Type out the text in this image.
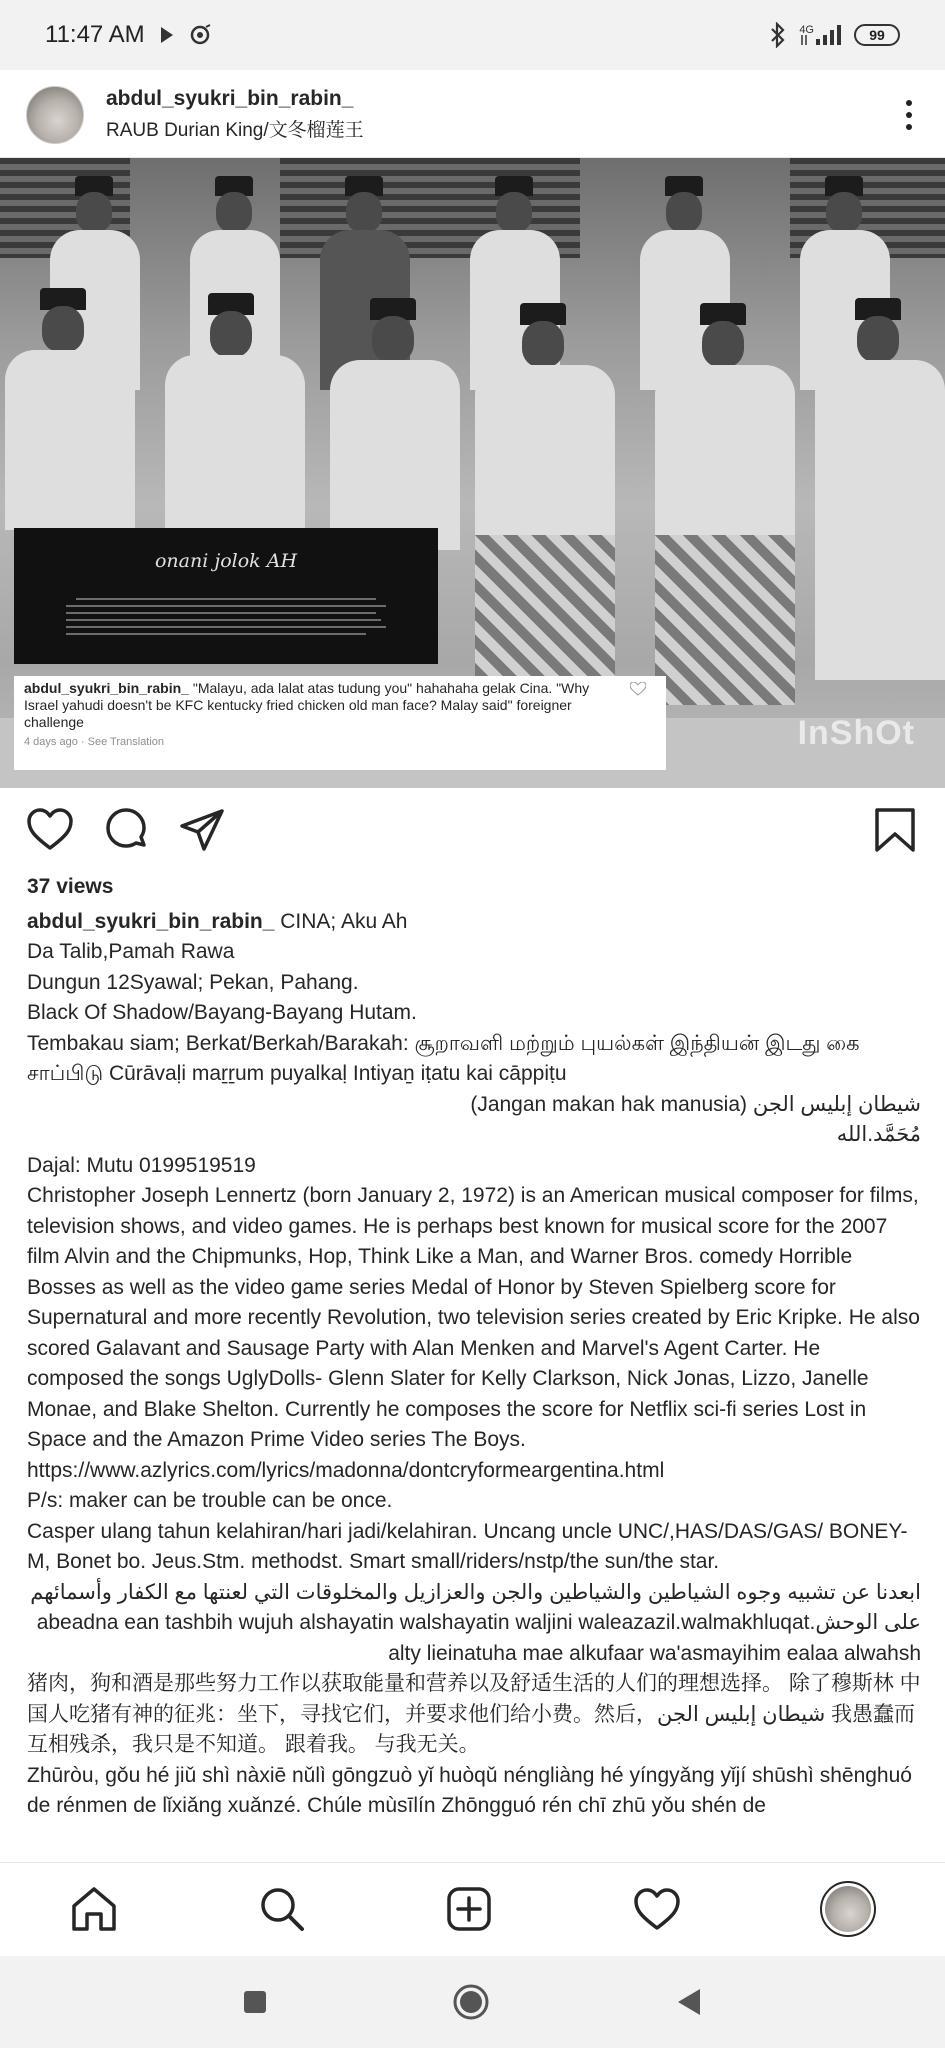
11:47 AM	4G	99
abdul_syukri_bin_rabin_
RAUB Durian King/文冬榴莲王
onani jolok AH
abdul_syukri_bin_rabin_ "Malayu, ada lalat atas tudung you" hahahaha gelak Cina. "Why Israel yahudi doesn't be KFC kentucky fried chicken old man face? Malay said" foreigner challenge
4 days ago · See Translation	InShOt
37 views

abdul_syukri_bin_rabin_ CINA; Aku Ah

Da Talib,Pamah Rawa

Dungun 12Syawal; Pekan, Pahang.

Black Of Shadow/Bayang-Bayang Hutam.

Tembakau siam; Berkat/Berkah/Barakah: சூறாவளி மற்றும் புயல்கள் இந்தியன் இடது கை சாப்பிடு Cūrāvaḷi maṟṟum puyalkaḷ Intiyaṉ iṭatu kai cāppiṭu

شيطان إبليس الجن (Jangan makan hak manusia)

مُحَمَّد.الله

Dajal: Mutu 0199519519

Christopher Joseph Lennertz (born January 2, 1972) is an American musical composer for films, television shows, and video games. He is perhaps best known for musical score for the 2007 film Alvin and the Chipmunks, Hop, Think Like a Man, and Warner Bros. comedy Horrible Bosses as well as the video game series Medal of Honor by Steven Spielberg score for Supernatural and more recently Revolution, two television series created by Eric Kripke. He also scored Galavant and Sausage Party with Alan Menken and Marvel's Agent Carter. He composed the songs UglyDolls- Glenn Slater for Kelly Clarkson, Nick Jonas, Lizzo, Janelle Monae, and Blake Shelton. Currently he composes the score for Netflix sci-fi series Lost in Space and the Amazon Prime Video series The Boys.

https://www.azlyrics.com/lyrics/madonna/dontcryformeargentina.html

P/s: maker can be trouble can be once.

Casper ulang tahun kelahiran/hari jadi/kelahiran. Uncang uncle UNC/,HAS/DAS/GAS/ BONEY-M, Bonet bo. Jeus.Stm. methodst. Smart small/riders/nstp/the sun/the star.

ابعدنا عن تشبيه وجوه الشياطين والشياطين والجن والعزازيل والمخلوقات التي لعنتها مع الكفار وأسمائهم على الوحش.abeadna ean tashbih wujuh alshayatin walshayatin waljini waleazazil.walmakhluqat alty lieinatuha mae alkufaar wa'asmayihim ealaa alwahsh

猪肉，狗和酒是那些努力工作以获取能量和营养以及舒适生活的人们的理想选择。 除了穆斯林 中国人吃猪有神的征兆：坐下，寻找它们，并要求他们给小费。然后，شيطان إبليس الجن 我愚蠢而互相残杀，我只是不知道。 跟着我。 与我无关。

Zhūròu, gǒu hé jiǔ shì nàxiē nǔlì gōngzuò yǐ huòqǔ néngliàng hé yíngyǎng yǐjí shūshì shēnghuó de rénmen de lǐxiǎng xuǎnzé. Chúle mùsīlín Zhōngguó rén chī zhū yǒu shén de
